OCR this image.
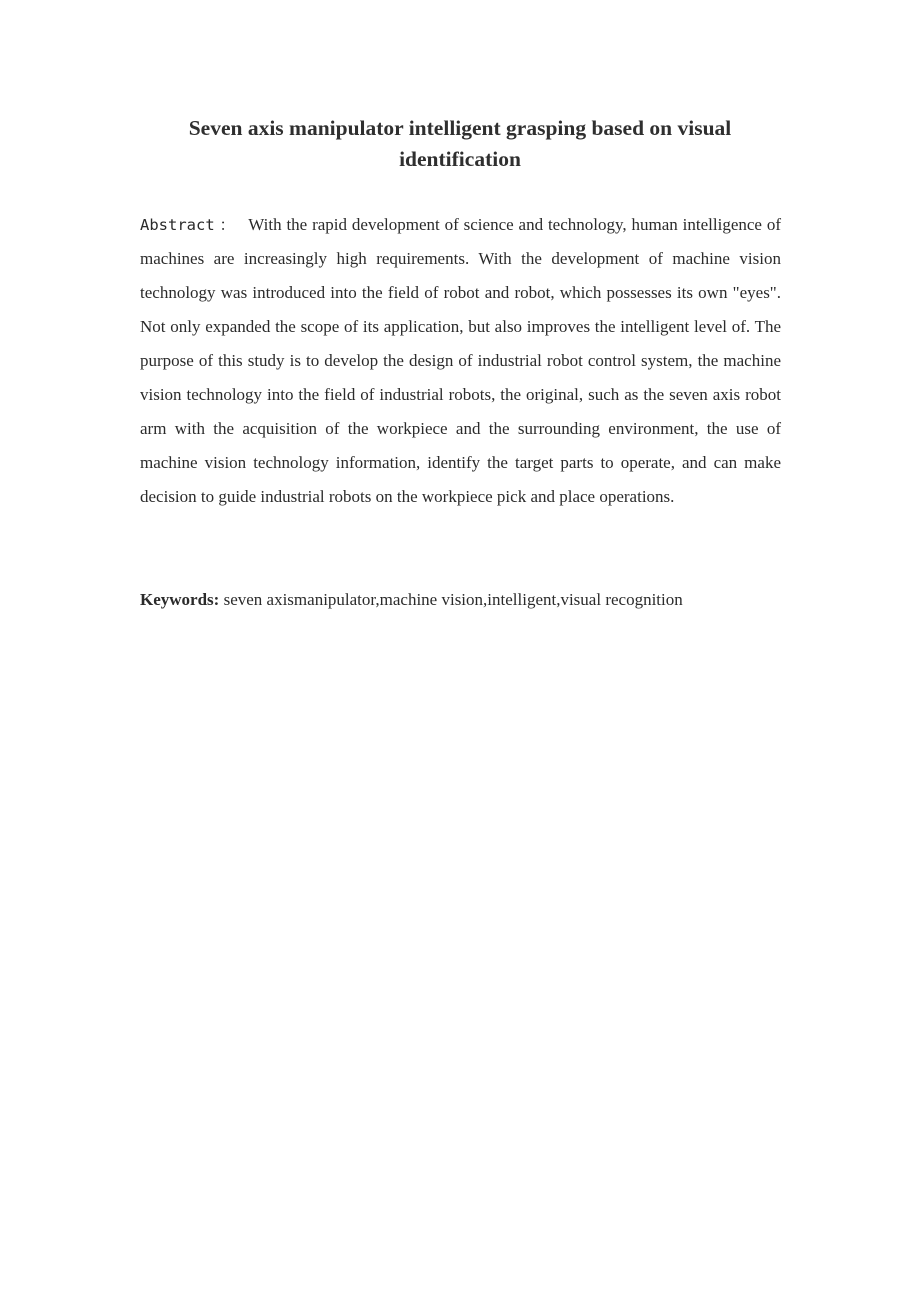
Seven axis manipulator intelligent grasping based on visual identification

Abstract ： With the rapid development of science and technology, human intelligence of machines are increasingly high requirements. With the development of machine vision technology was introduced into the field of robot and robot, which possesses its own "eyes". Not only expanded the scope of its application, but also improves the intelligent level of. The purpose of this study is to develop the design of industrial robot control system, the machine vision technology into the field of industrial robots, the original, such as the seven axis robot arm with the acquisition of the workpiece and the surrounding environment, the use of machine vision technology information, identify the target parts to operate, and can make decision to guide industrial robots on the workpiece pick and place operations.

Keywords: seven axismanipulator,machine vision,intelligent,visual recognition
